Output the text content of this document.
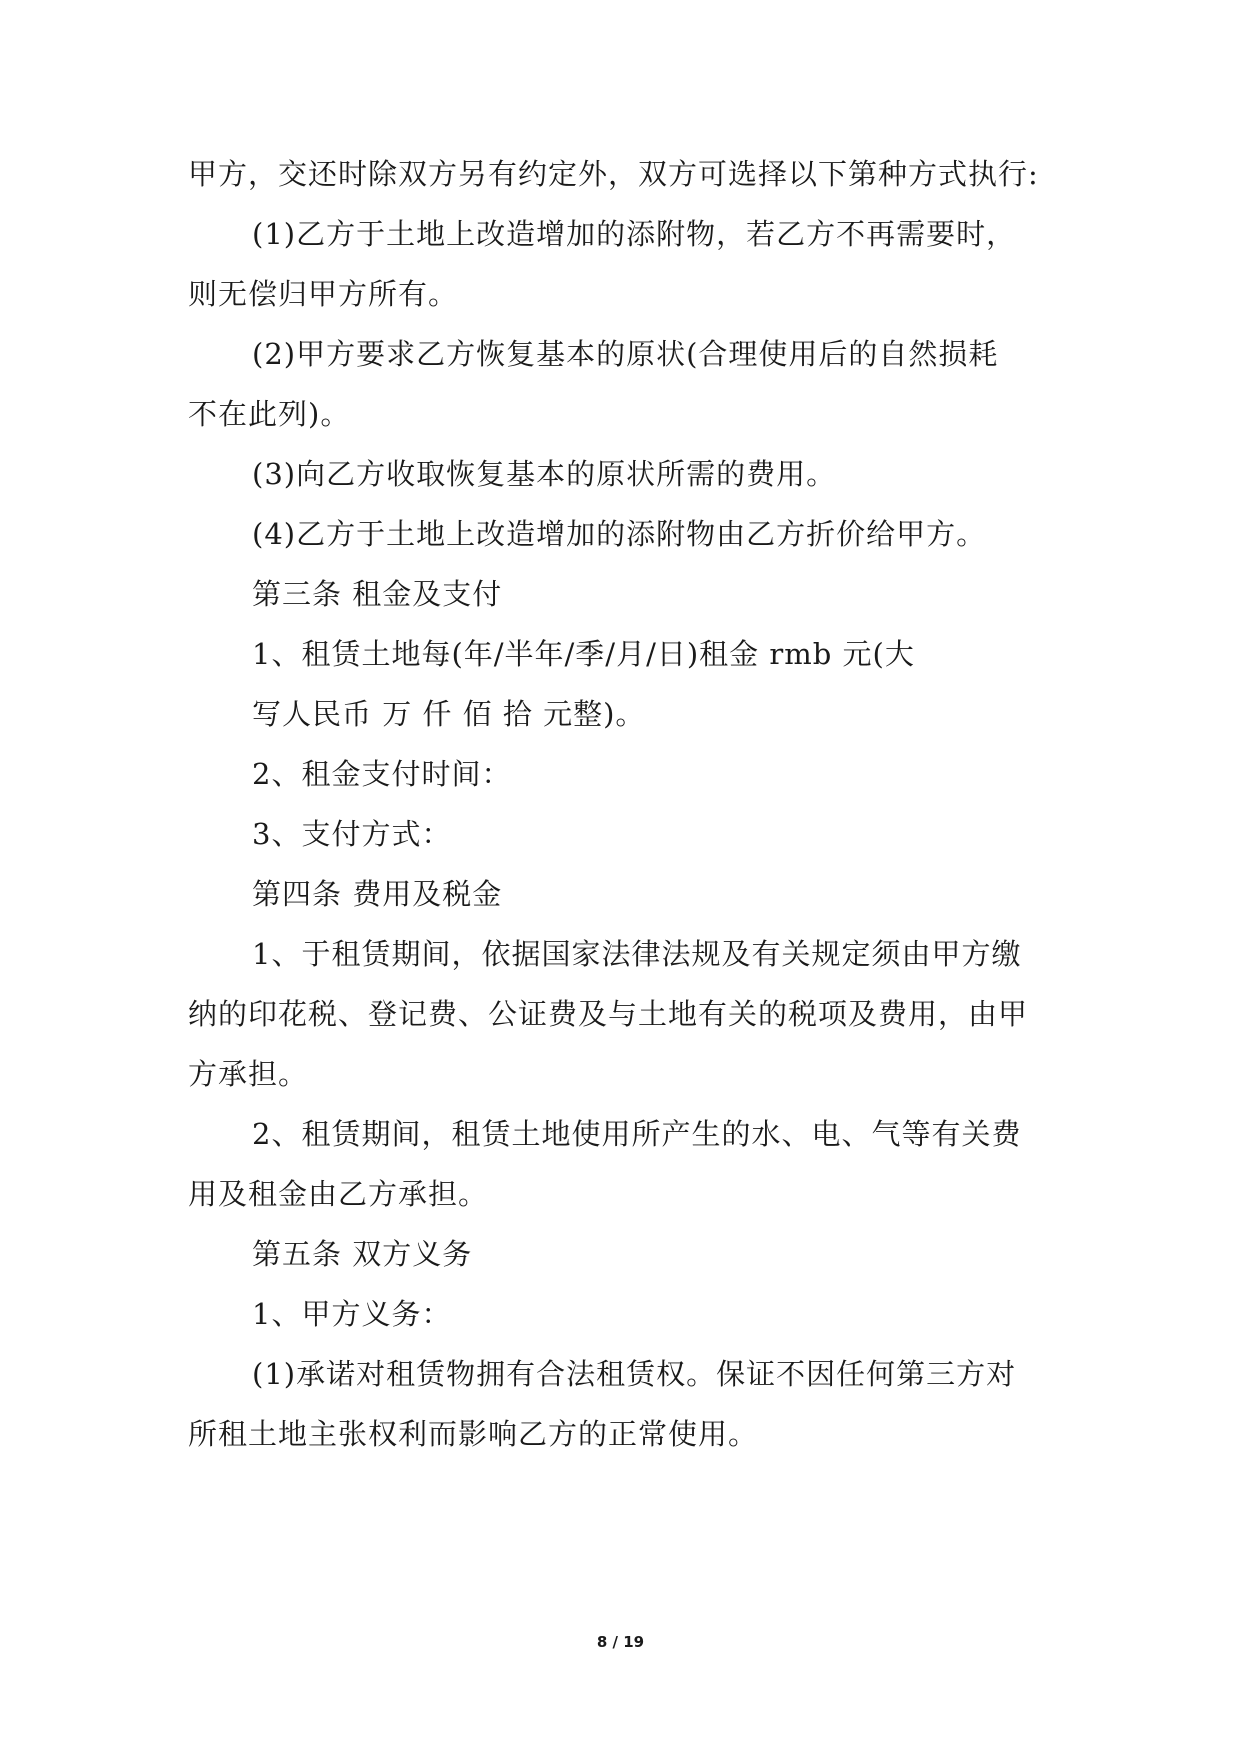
甲方，交还时除双方另有约定外，双方可选择以下第种方式执行:
(1)乙方于土地上改造增加的添附物，若乙方不再需要时，
则无偿归甲方所有。
(2)甲方要求乙方恢复基本的原状(合理使用后的自然损耗
不在此列)。
(3)向乙方收取恢复基本的原状所需的费用。
(4)乙方于土地上改造增加的添附物由乙方折价给甲方。
第三条 租金及支付
1、租赁土地每(年/半年/季/月/日)租金 rmb 元(大
写人民币 万 仟 佰 拾 元整)。
2、租金支付时间：
3、支付方式：
第四条 费用及税金
1、于租赁期间，依据国家法律法规及有关规定须由甲方缴
纳的印花税、登记费、公证费及与土地有关的税项及费用，由甲
方承担。
2、租赁期间，租赁土地使用所产生的水、电、气等有关费
用及租金由乙方承担。
第五条 双方义务
1、甲方义务：
(1)承诺对租赁物拥有合法租赁权。保证不因任何第三方对
所租土地主张权利而影响乙方的正常使用。
8 / 19
